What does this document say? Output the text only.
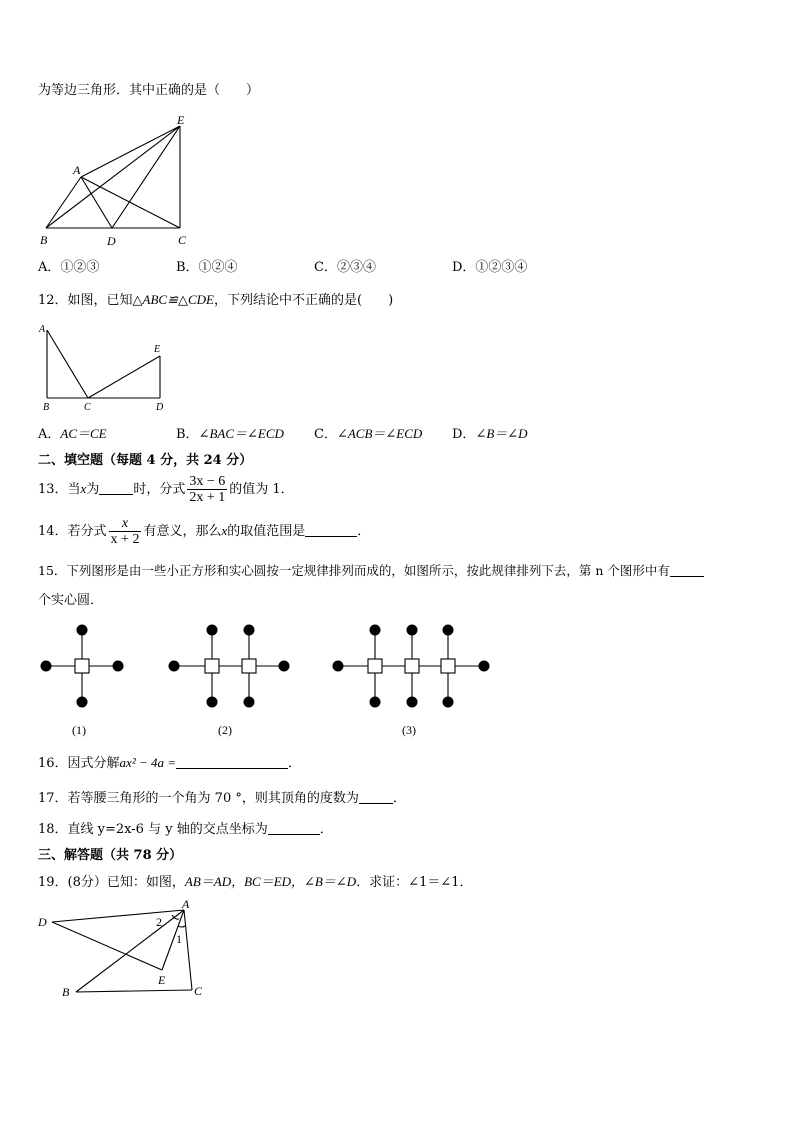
为等边三角形．其中正确的是（　　）
E
A
B	D	C
A．①②③	B．①②④	C．②③④	D．①②③④
12．如图，已知△ABC≌△CDE，下列结论中不正确的是(　　)
A
B	C	D
E
A．AC＝CE	B．∠BAC＝∠ECD C．∠ACB＝∠ECD D．∠B＝∠D
二、填空题（每题 4 分，共 24 分）
13．当x为	时，分式 $\frac{3x - 6}{2x + 1}$ 的值为 1．
14．若分式 $\frac{x}{x + 2}$ 有意义，那么x的取值范围是	．
15．下列图形是由一些小正方形和实心圆按一定规律排列而成的，如图所示，按此规律排列下去，第 n 个图形中有
个实心圆．
(1)	(2)	(3)
16．因式分解ax² − 4a =	．
17．若等腰三角形的一个角为 70 °，则其顶角的度数为	．
18．直线 y=2x-6 与 y 轴的交点坐标为	．
三、解答题（共 78 分）
19．(8分）已知：如图，AB＝AD，BC＝ED，∠B＝∠D．求证：∠1＝∠1．
D
A
B
E
C
1
2
